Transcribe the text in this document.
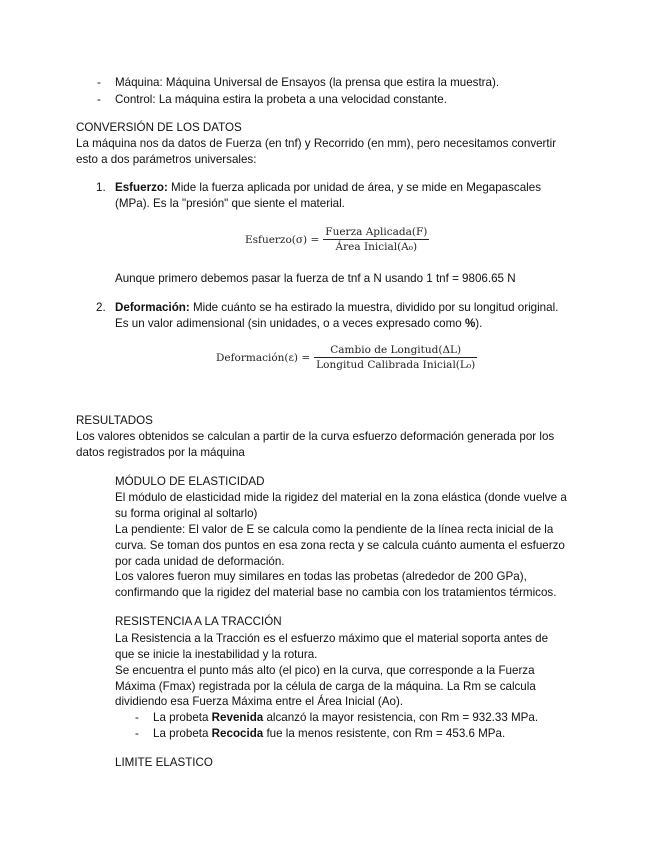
- Máquina: Máquina Universal de Ensayos (la prensa que estira la muestra).
- Control: La máquina estira la probeta a una velocidad constante.
CONVERSIÓN DE LOS DATOS
La máquina nos da datos de Fuerza (en tnf) y Recorrido (en mm), pero necesitamos convertir
esto a dos parámetros universales:
1. Esfuerzo: Mide la fuerza aplicada por unidad de área, y se mide en Megapascales
(MPa). Es la "presión" que siente el material.
Esfuerzo(σ) = $\frac{\text{Fuerza Aplicada(F)}}{\text{Área Inicial(A₀)}}$
Aunque primero debemos pasar la fuerza de tnf a N usando 1 tnf = 9806.65 N
2. Deformación: Mide cuánto se ha estirado la muestra, dividido por su longitud original.
Es un valor adimensional (sin unidades, o a veces expresado como %).
Deformación(ε) = $\frac{\text{Cambio de Longitud(ΔL)}}{\text{Longitud Calibrada Inicial(L₀)}}$
RESULTADOS
Los valores obtenidos se calculan a partir de la curva esfuerzo deformación generada por los
datos registrados por la máquina
MÓDULO DE ELASTICIDAD
El módulo de elasticidad mide la rigidez del material en la zona elástica (donde vuelve a
su forma original al soltarlo)
La pendiente: El valor de E se calcula como la pendiente de la línea recta inicial de la
curva. Se toman dos puntos en esa zona recta y se calcula cuánto aumenta el esfuerzo
por cada unidad de deformación.
Los valores fueron muy similares en todas las probetas (alrededor de 200 GPa),
confirmando que la rigidez del material base no cambia con los tratamientos térmicos.
RESISTENCIA A LA TRACCIÓN
La Resistencia a la Tracción es el esfuerzo máximo que el material soporta antes de
que se inicie la inestabilidad y la rotura.
Se encuentra el punto más alto (el pico) en la curva, que corresponde a la Fuerza
Máxima (Fmax) registrada por la célula de carga de la máquina. La Rm se calcula
dividiendo esa Fuerza Máxima entre el Área Inicial (Ao).
- La probeta Revenida alcanzó la mayor resistencia, con Rm = 932.33 MPa.
- La probeta Recocida fue la menos resistente, con Rm = 453.6 MPa.
LIMITE ELASTICO
